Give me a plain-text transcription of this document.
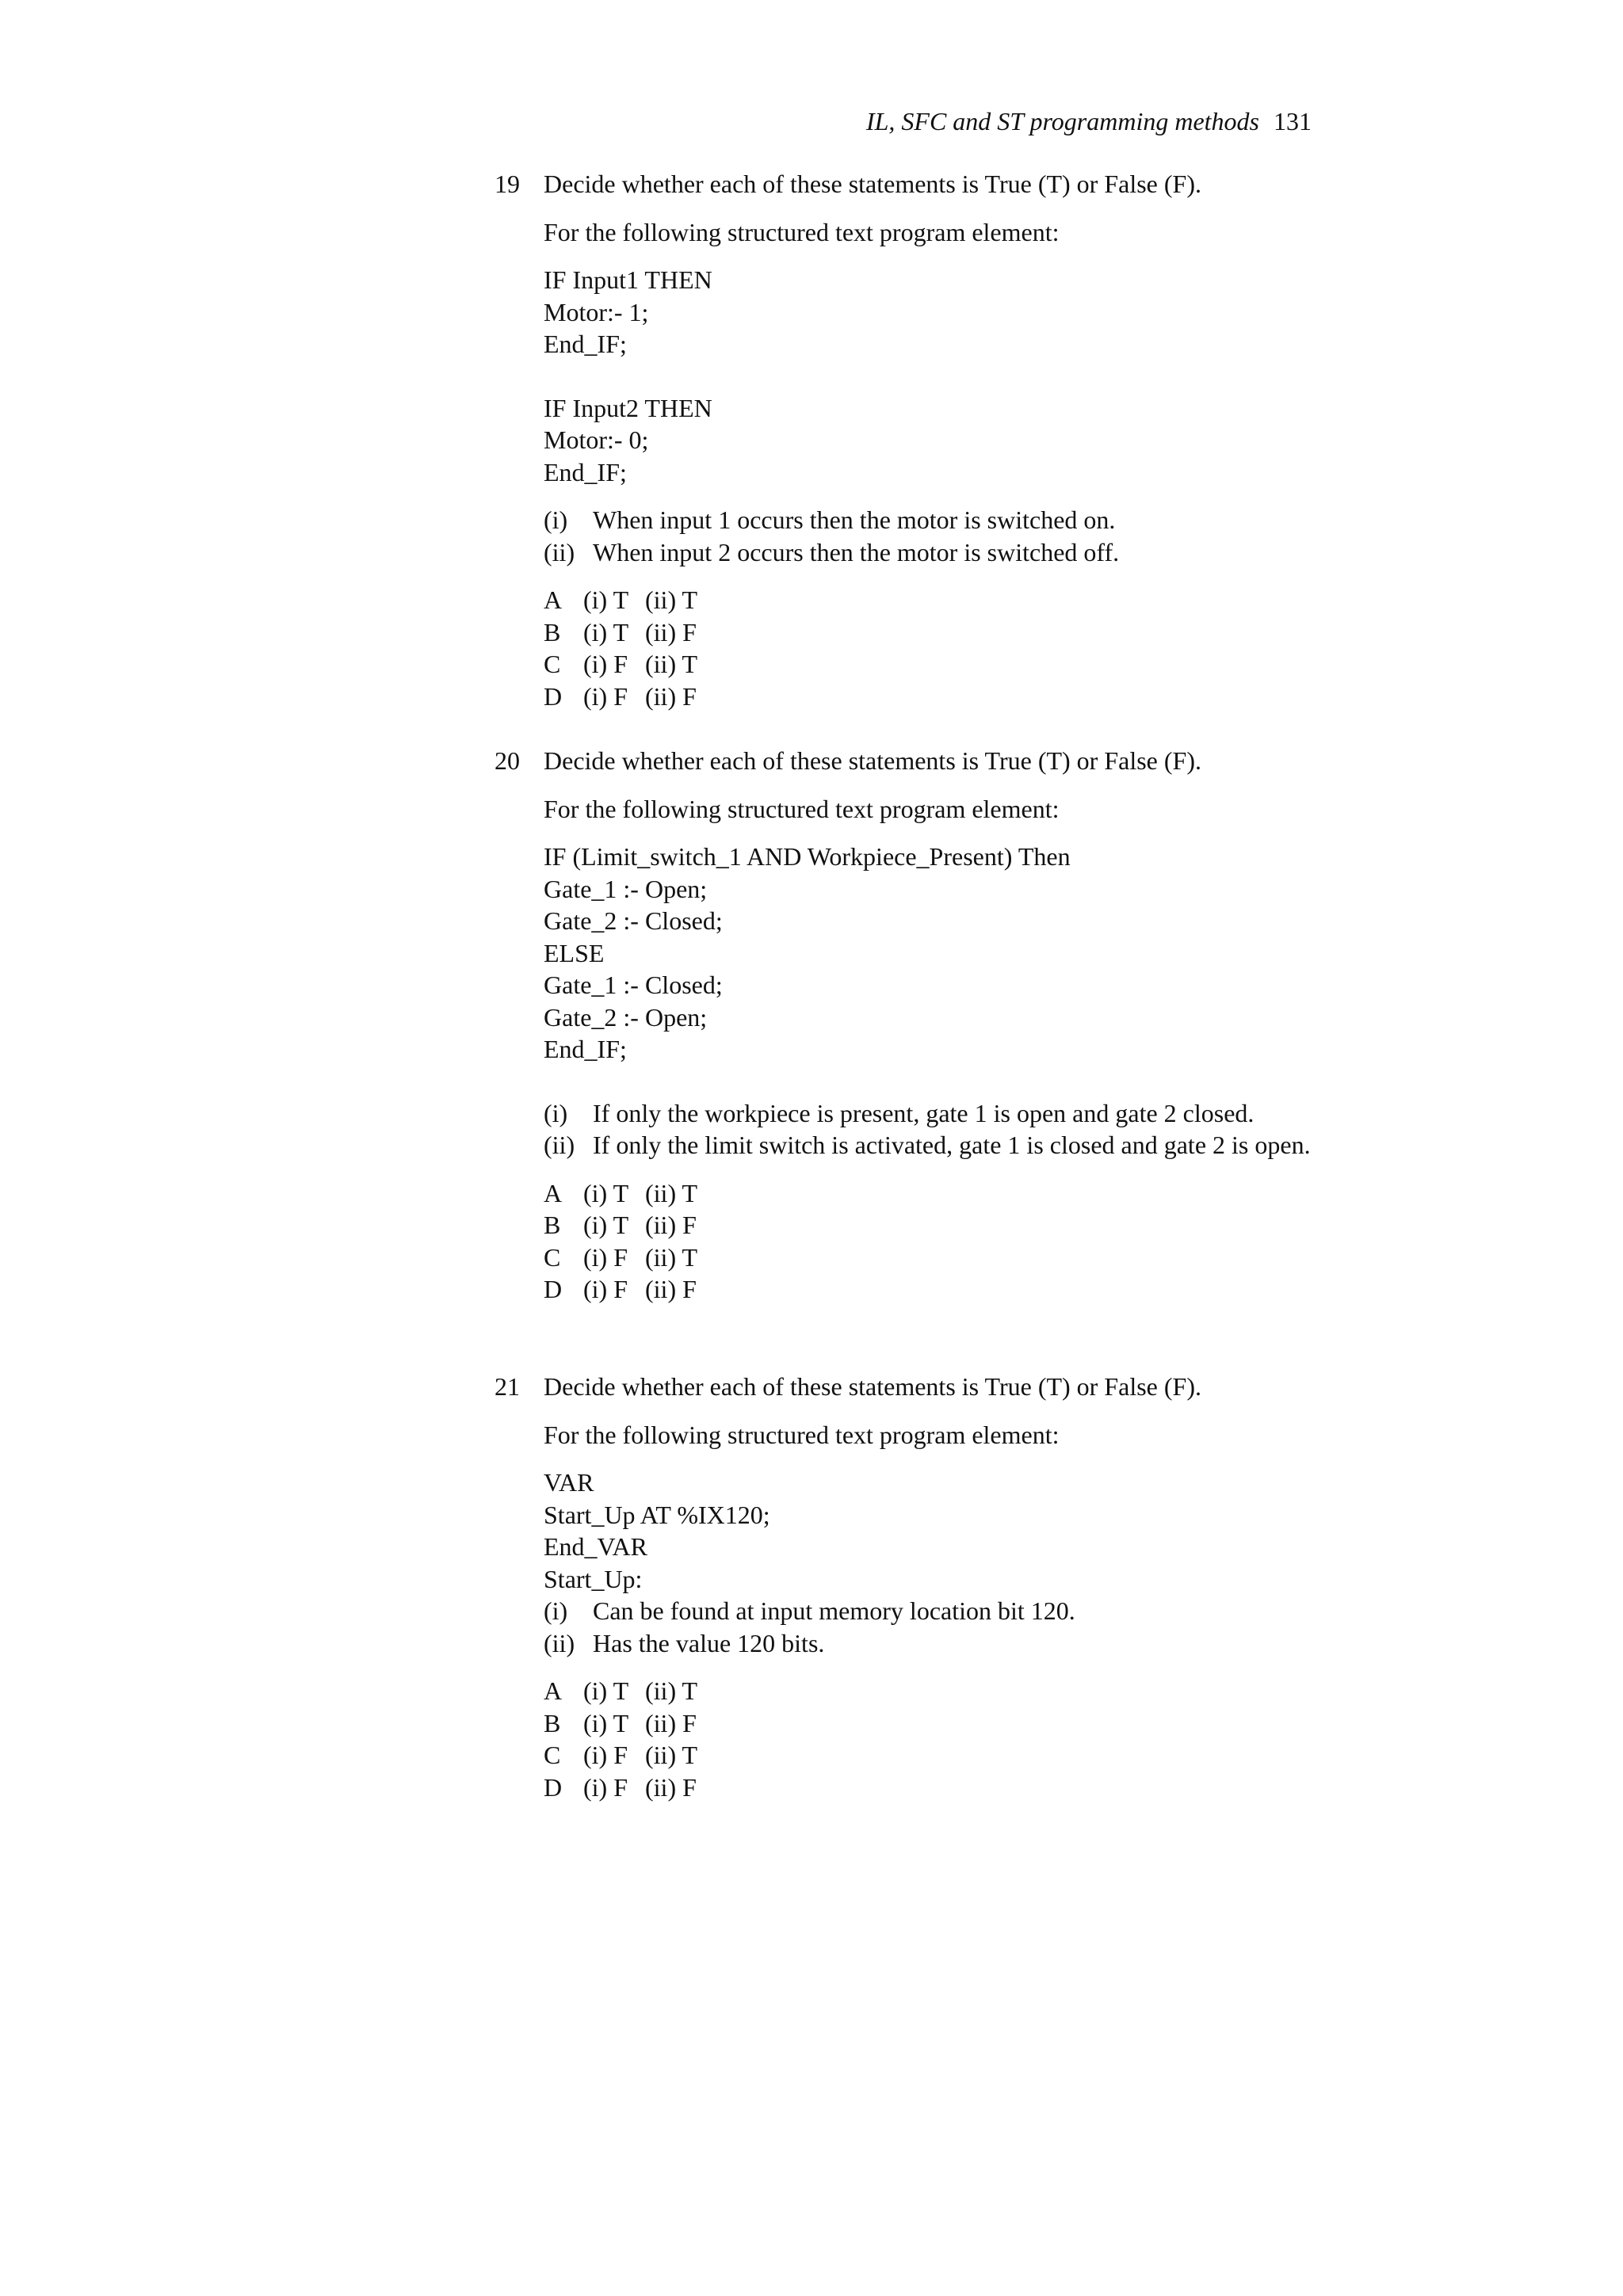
IL, SFC and ST programming methods 131
19 Decide whether each of these statements is True (T) or False (F).
For the following structured text program element:
IF Input1 THEN
Motor:- 1;
End_IF;
IF Input2 THEN
Motor:- 0;
End_IF;
(i) When input 1 occurs then the motor is switched on.
(ii) When input 2 occurs then the motor is switched off.
A (i) T (ii) T
B (i) T (ii) F
C (i) F (ii) T
D (i) F (ii) F
20 Decide whether each of these statements is True (T) or False (F).
For the following structured text program element:
IF (Limit_switch_1 AND Workpiece_Present) Then
Gate_1 :- Open;
Gate_2 :- Closed;
ELSE
Gate_1 :- Closed;
Gate_2 :- Open;
End_IF;
(i) If only the workpiece is present, gate 1 is open and gate 2 closed.
(ii) If only the limit switch is activated, gate 1 is closed and gate 2 is open.
A (i) T (ii) T
B (i) T (ii) F
C (i) F (ii) T
D (i) F (ii) F
21 Decide whether each of these statements is True (T) or False (F).
For the following structured text program element:
VAR
Start_Up AT %IX120;
End_VAR
Start_Up:
(i) Can be found at input memory location bit 120.
(ii) Has the value 120 bits.
A (i) T (ii) T
B (i) T (ii) F
C (i) F (ii) T
D (i) F (ii) F
